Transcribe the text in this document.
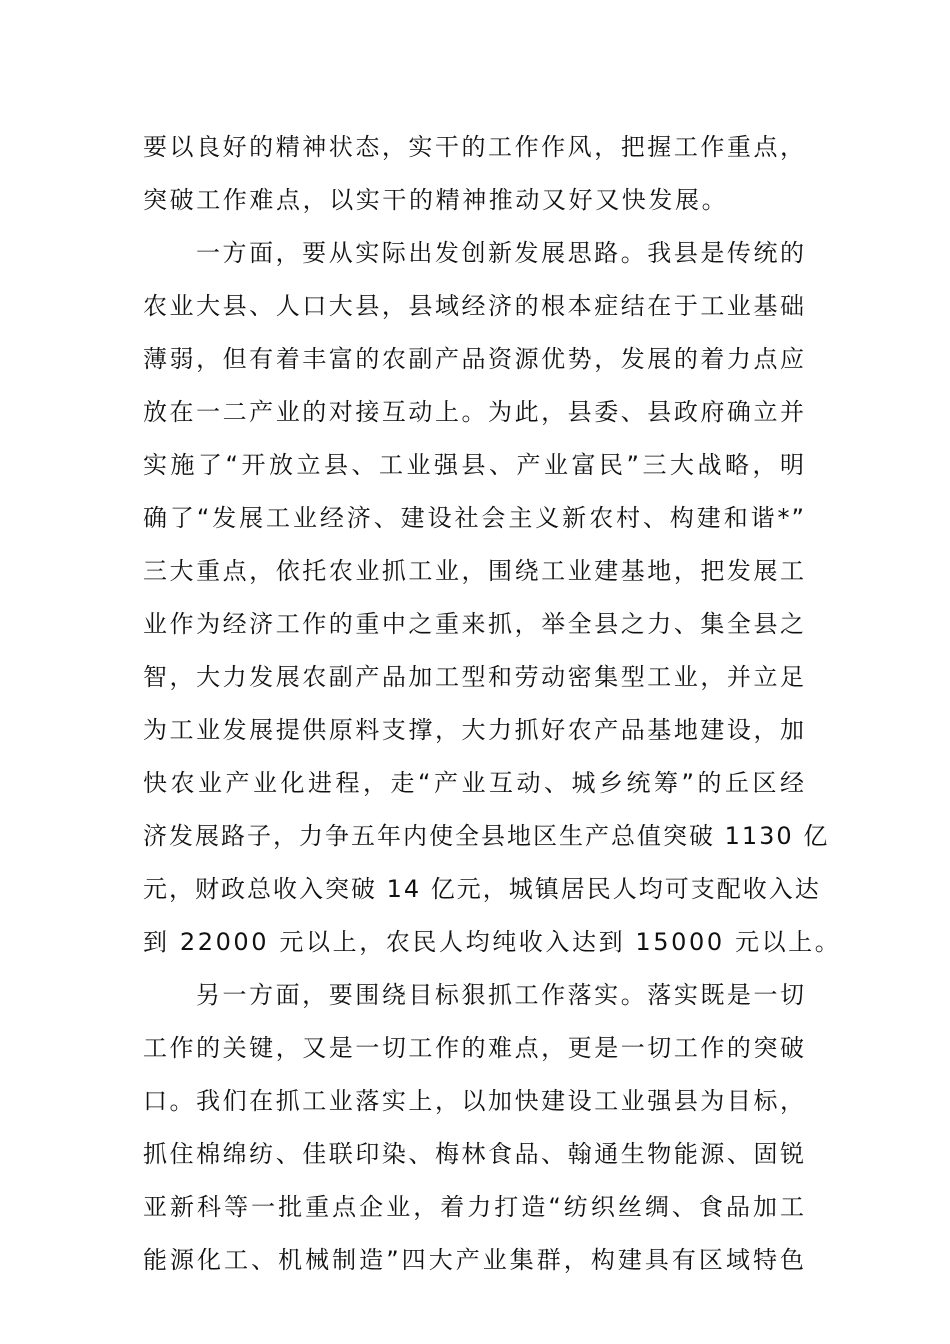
要以良好的精神状态，实干的工作作风，把握工作重点，
突破工作难点，以实干的精神推动又好又快发展。
一方面，要从实际出发创新发展思路。我县是传统的
农业大县、人口大县，县域经济的根本症结在于工业基础
薄弱，但有着丰富的农副产品资源优势，发展的着力点应
放在一二产业的对接互动上。为此，县委、县政府确立并
实施了“开放立县、工业强县、产业富民”三大战略，明
确了“发展工业经济、建设社会主义新农村、构建和谐*”
三大重点，依托农业抓工业，围绕工业建基地，把发展工
业作为经济工作的重中之重来抓，举全县之力、集全县之
智，大力发展农副产品加工型和劳动密集型工业，并立足
为工业发展提供原料支撑，大力抓好农产品基地建设，加
快农业产业化进程，走“产业互动、城乡统筹”的丘区经
济发展路子，力争五年内使全县地区生产总值突破 1130 亿
元，财政总收入突破 14 亿元，城镇居民人均可支配收入达
到 22000 元以上，农民人均纯收入达到 15000 元以上。
另一方面，要围绕目标狠抓工作落实。落实既是一切
工作的关键，又是一切工作的难点，更是一切工作的突破
口。我们在抓工业落实上，以加快建设工业强县为目标，
抓住棉绵纺、佳联印染、梅林食品、翰通生物能源、固锐
亚新科等一批重点企业，着力打造“纺织丝绸、食品加工
能源化工、机械制造”四大产业集群，构建具有区域特色
